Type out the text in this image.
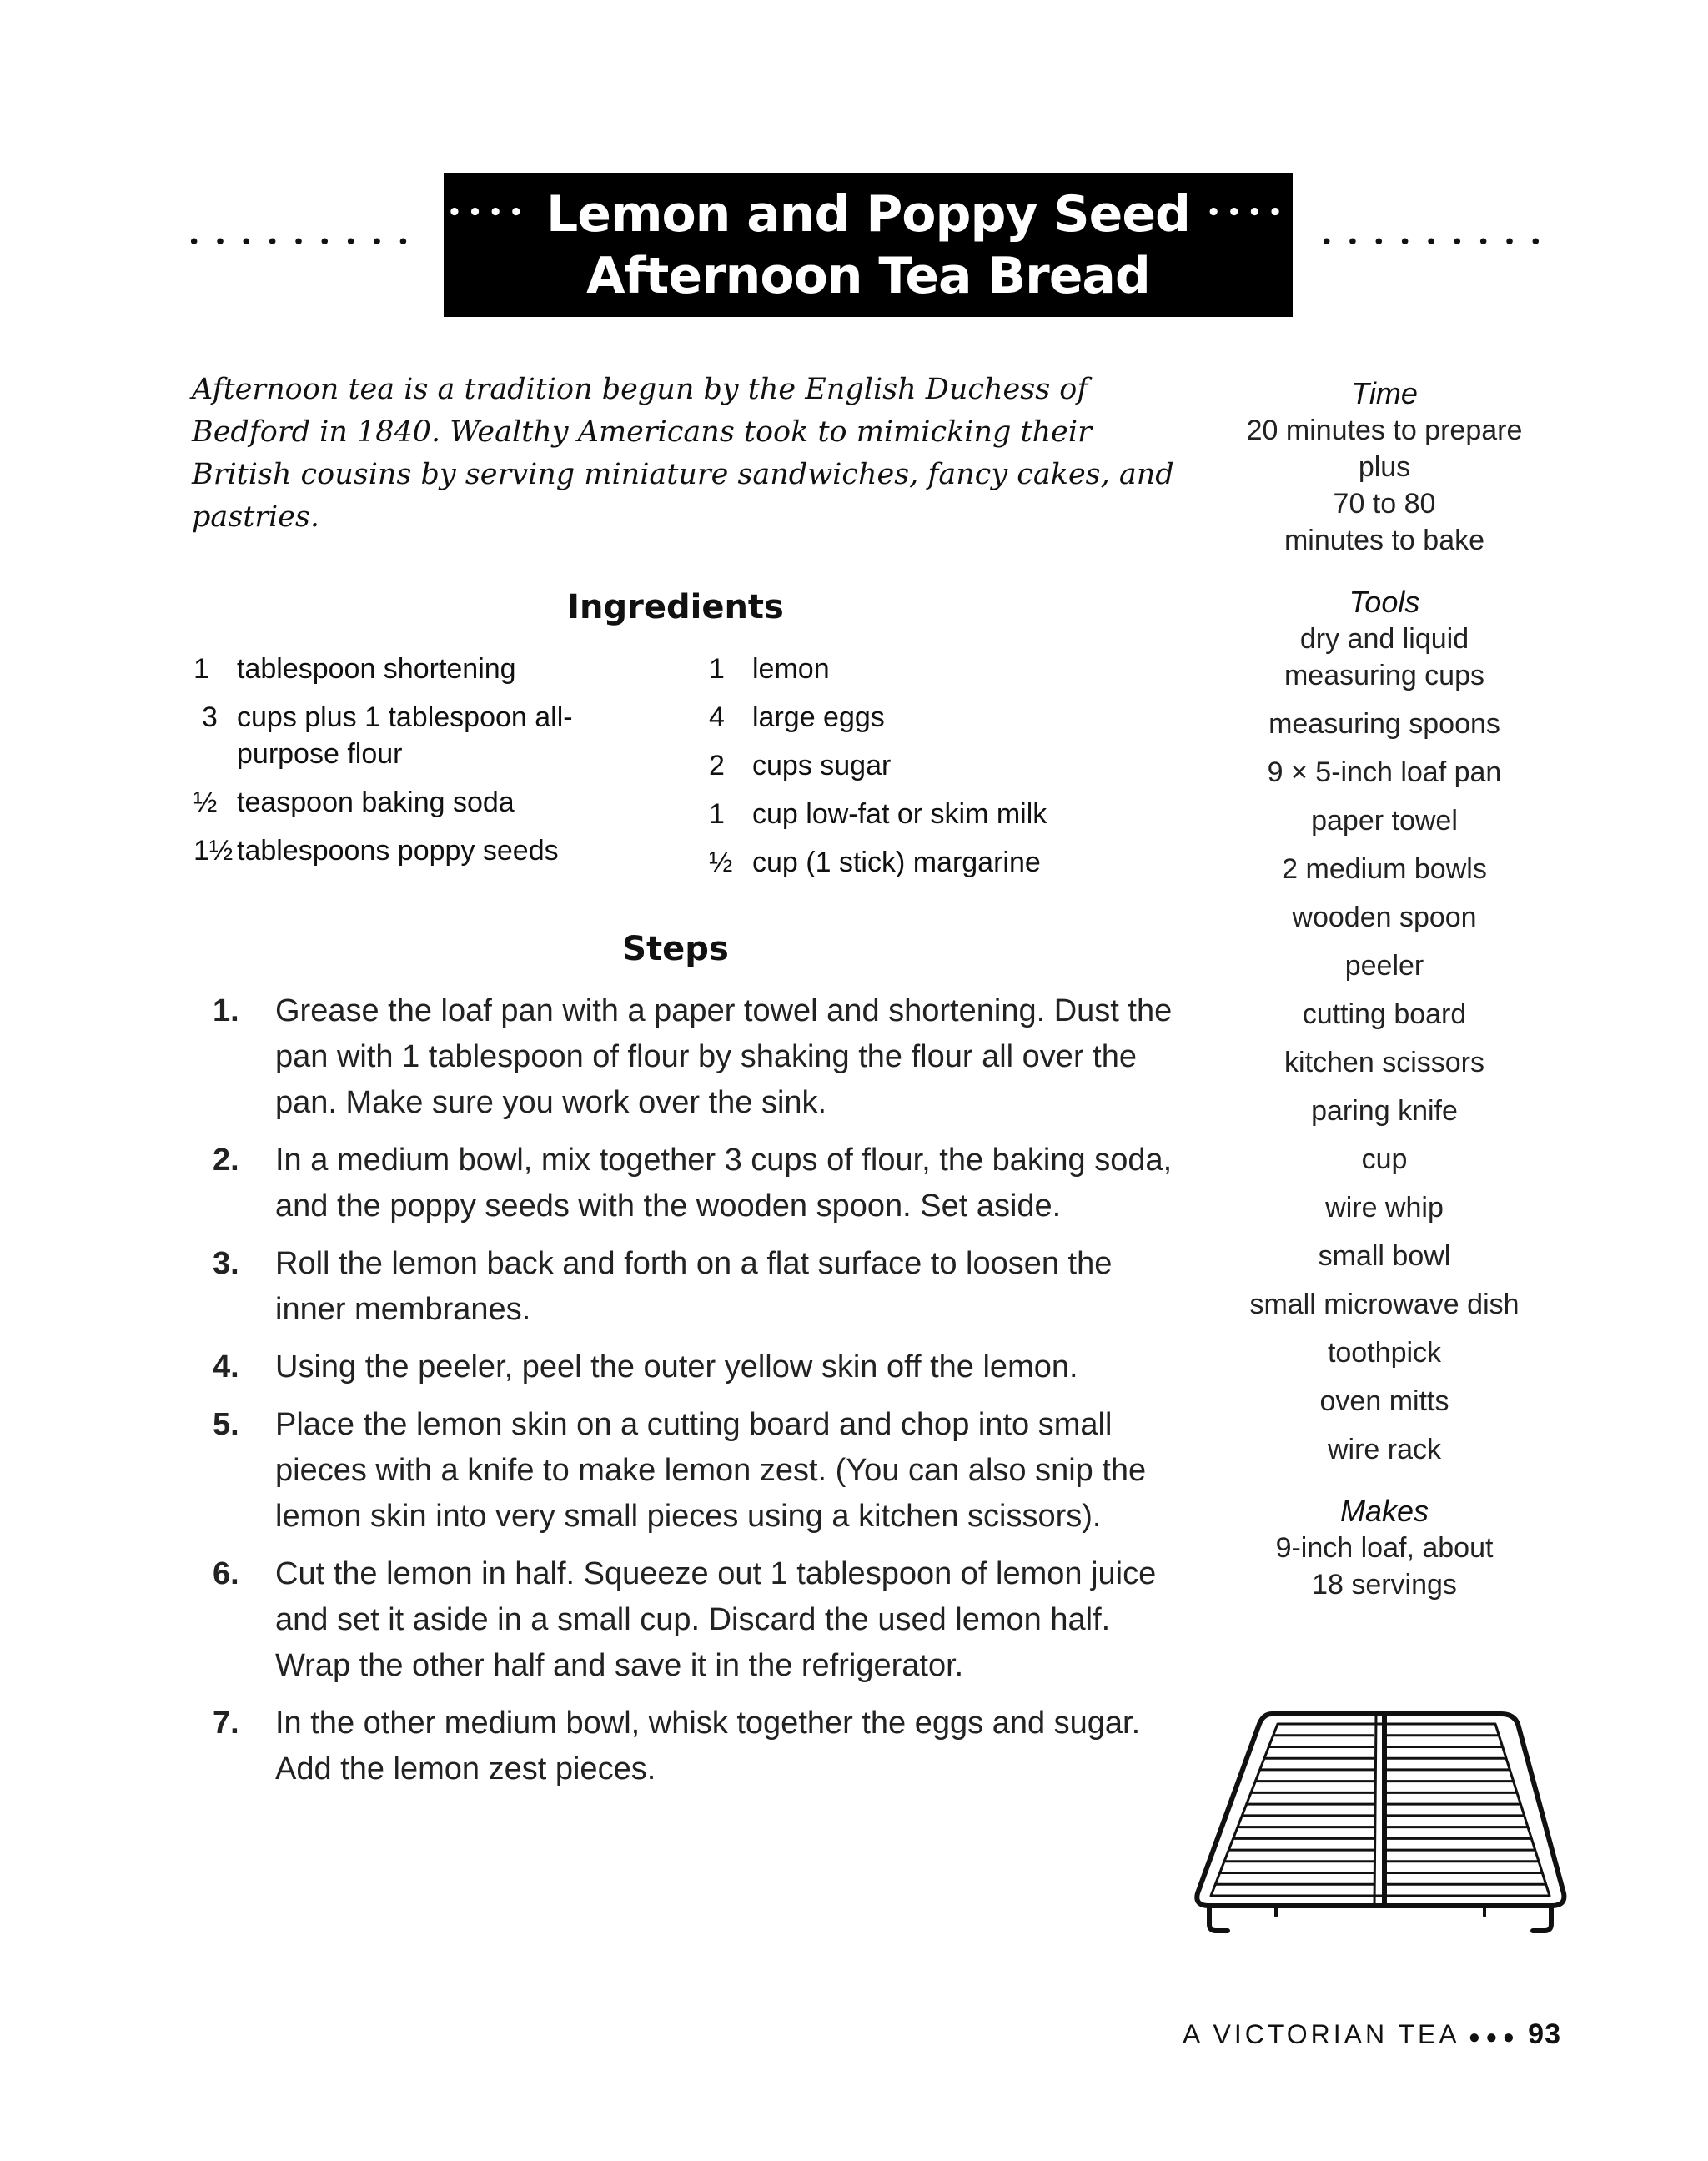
•••••••••
•••• Lemon and Poppy Seed ••••
Afternoon Tea Bread
•••••••••
Afternoon tea is a tradition begun by the English Duchess of Bedford in 1840. Wealthy Americans took to mimicking their British cousins by serving miniature sandwiches, fancy cakes, and pastries.
Ingredients
1 tablespoon shortening
3 cups plus 1 tablespoon all-purpose flour
½ teaspoon baking soda
1½ tablespoons poppy seeds
1 lemon
4 large eggs
2 cups sugar
1 cup low-fat or skim milk
½ cup (1 stick) margarine
Steps
1.	Grease the loaf pan with a paper towel and shortening. Dust the pan with 1 tablespoon of flour by shaking the flour all over the pan. Make sure you work over the sink.
2.	In a medium bowl, mix together 3 cups of flour, the baking soda, and the poppy seeds with the wooden spoon. Set aside.
3.	Roll the lemon back and forth on a flat surface to loosen the inner membranes.
4.	Using the peeler, peel the outer yellow skin off the lemon.
5.	Place the lemon skin on a cutting board and chop into small pieces with a knife to make lemon zest. (You can also snip the lemon skin into very small pieces using a kitchen scissors).
6.	Cut the lemon in half. Squeeze out 1 tablespoon of lemon juice and set it aside in a small cup. Discard the used lemon half. Wrap the other half and save it in the refrigerator.
7.	In the other medium bowl, whisk together the eggs and sugar. Add the lemon zest pieces.
Time
20 minutes to prepare
plus
70 to 80
minutes to bake
Tools
dry and liquid measuring cups
measuring spoons
9 × 5-inch loaf pan
paper towel
2 medium bowls
wooden spoon
peeler
cutting board
kitchen scissors
paring knife
cup
wire whip
small bowl
small microwave dish
toothpick
oven mitts
wire rack
Makes
9-inch loaf, about
18 servings
A VICTORIAN TEA ●●● 93
